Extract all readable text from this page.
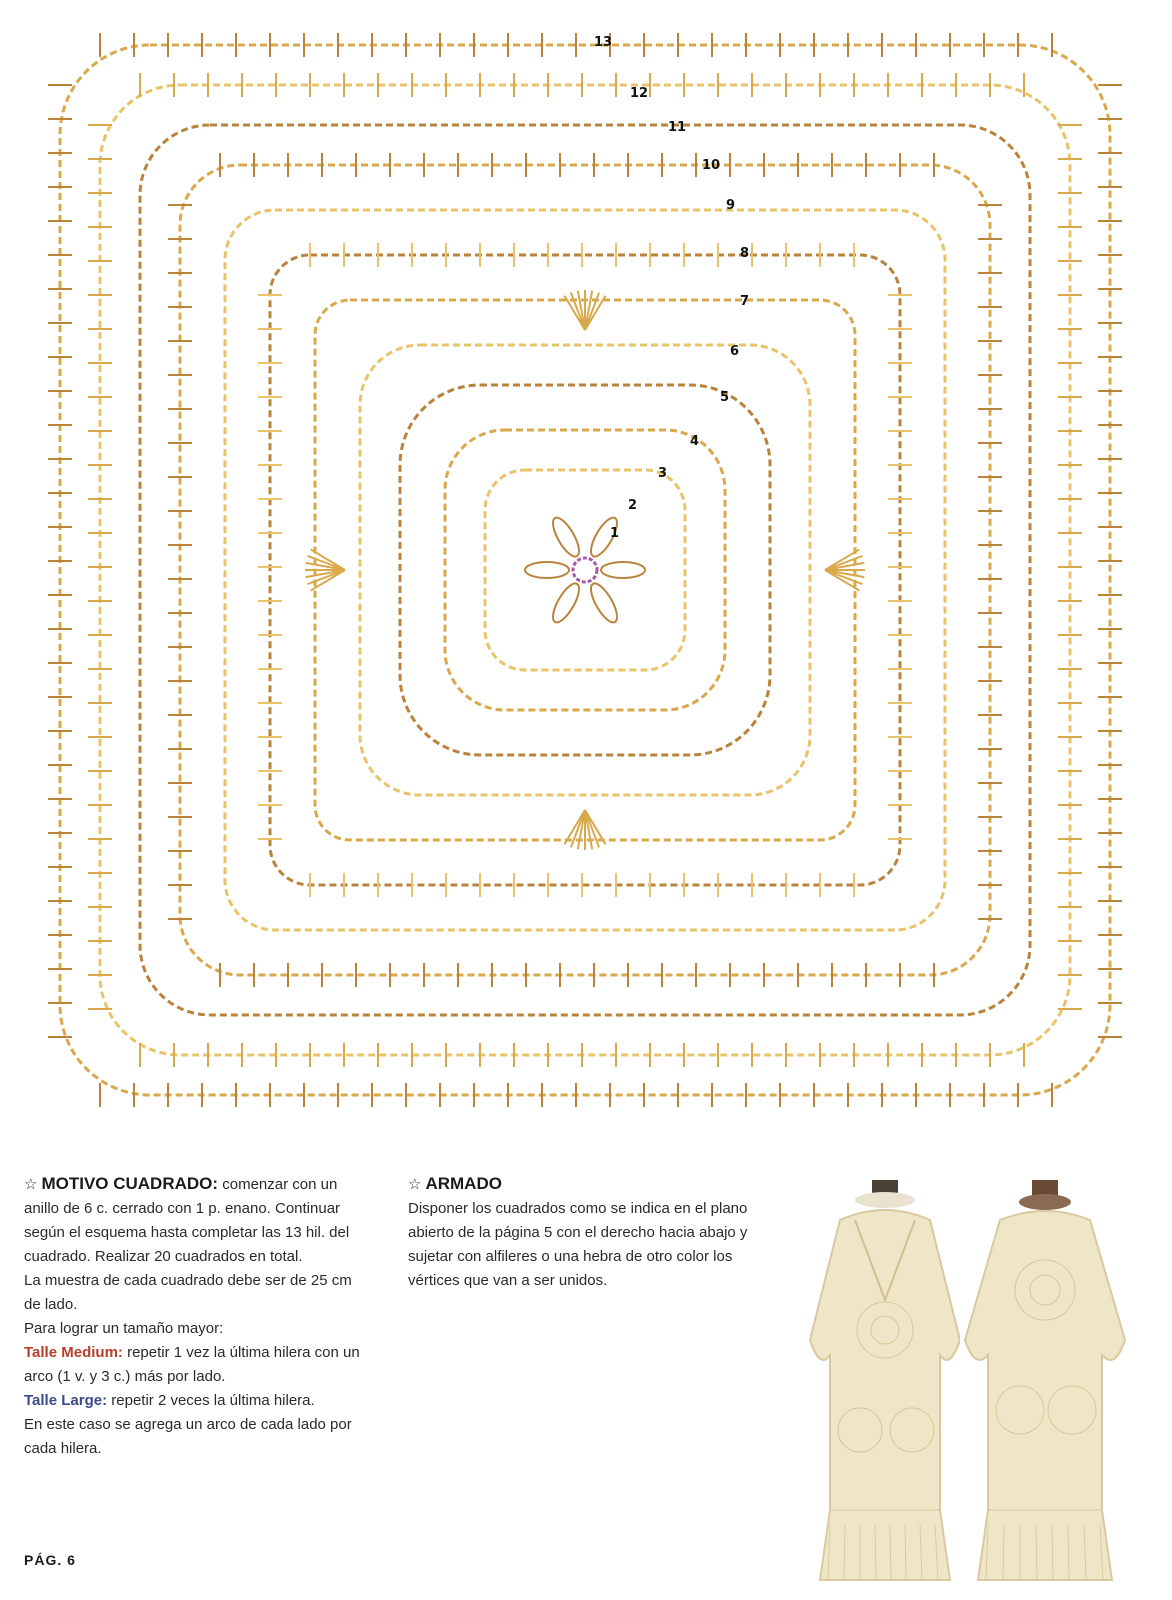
13
12
11
10
9
8
7
6
5
4
3
2
1

☆ MOTIVO CUADRADO: comenzar con un anillo de 6 c. cerrado con 1 p. enano. Continuar según el esquema hasta completar las 13 hil. del cuadrado. Realizar 20 cuadrados en total.

La muestra de cada cuadrado debe ser de 25 cm de lado.

Para lograr un tamaño mayor:

Talle Medium: repetir 1 vez la última hilera con un arco (1 v. y 3 c.) más por lado.

Talle Large: repetir 2 veces la última hilera.

En este caso se agrega un arco de cada lado por cada hilera.

☆ ARMADO

Disponer los cuadrados como se indica en el plano abierto de la página 5 con el derecho hacia abajo y sujetar con alfileres o una hebra de otro color los vértices que van a ser unidos.

PÁG. 6
